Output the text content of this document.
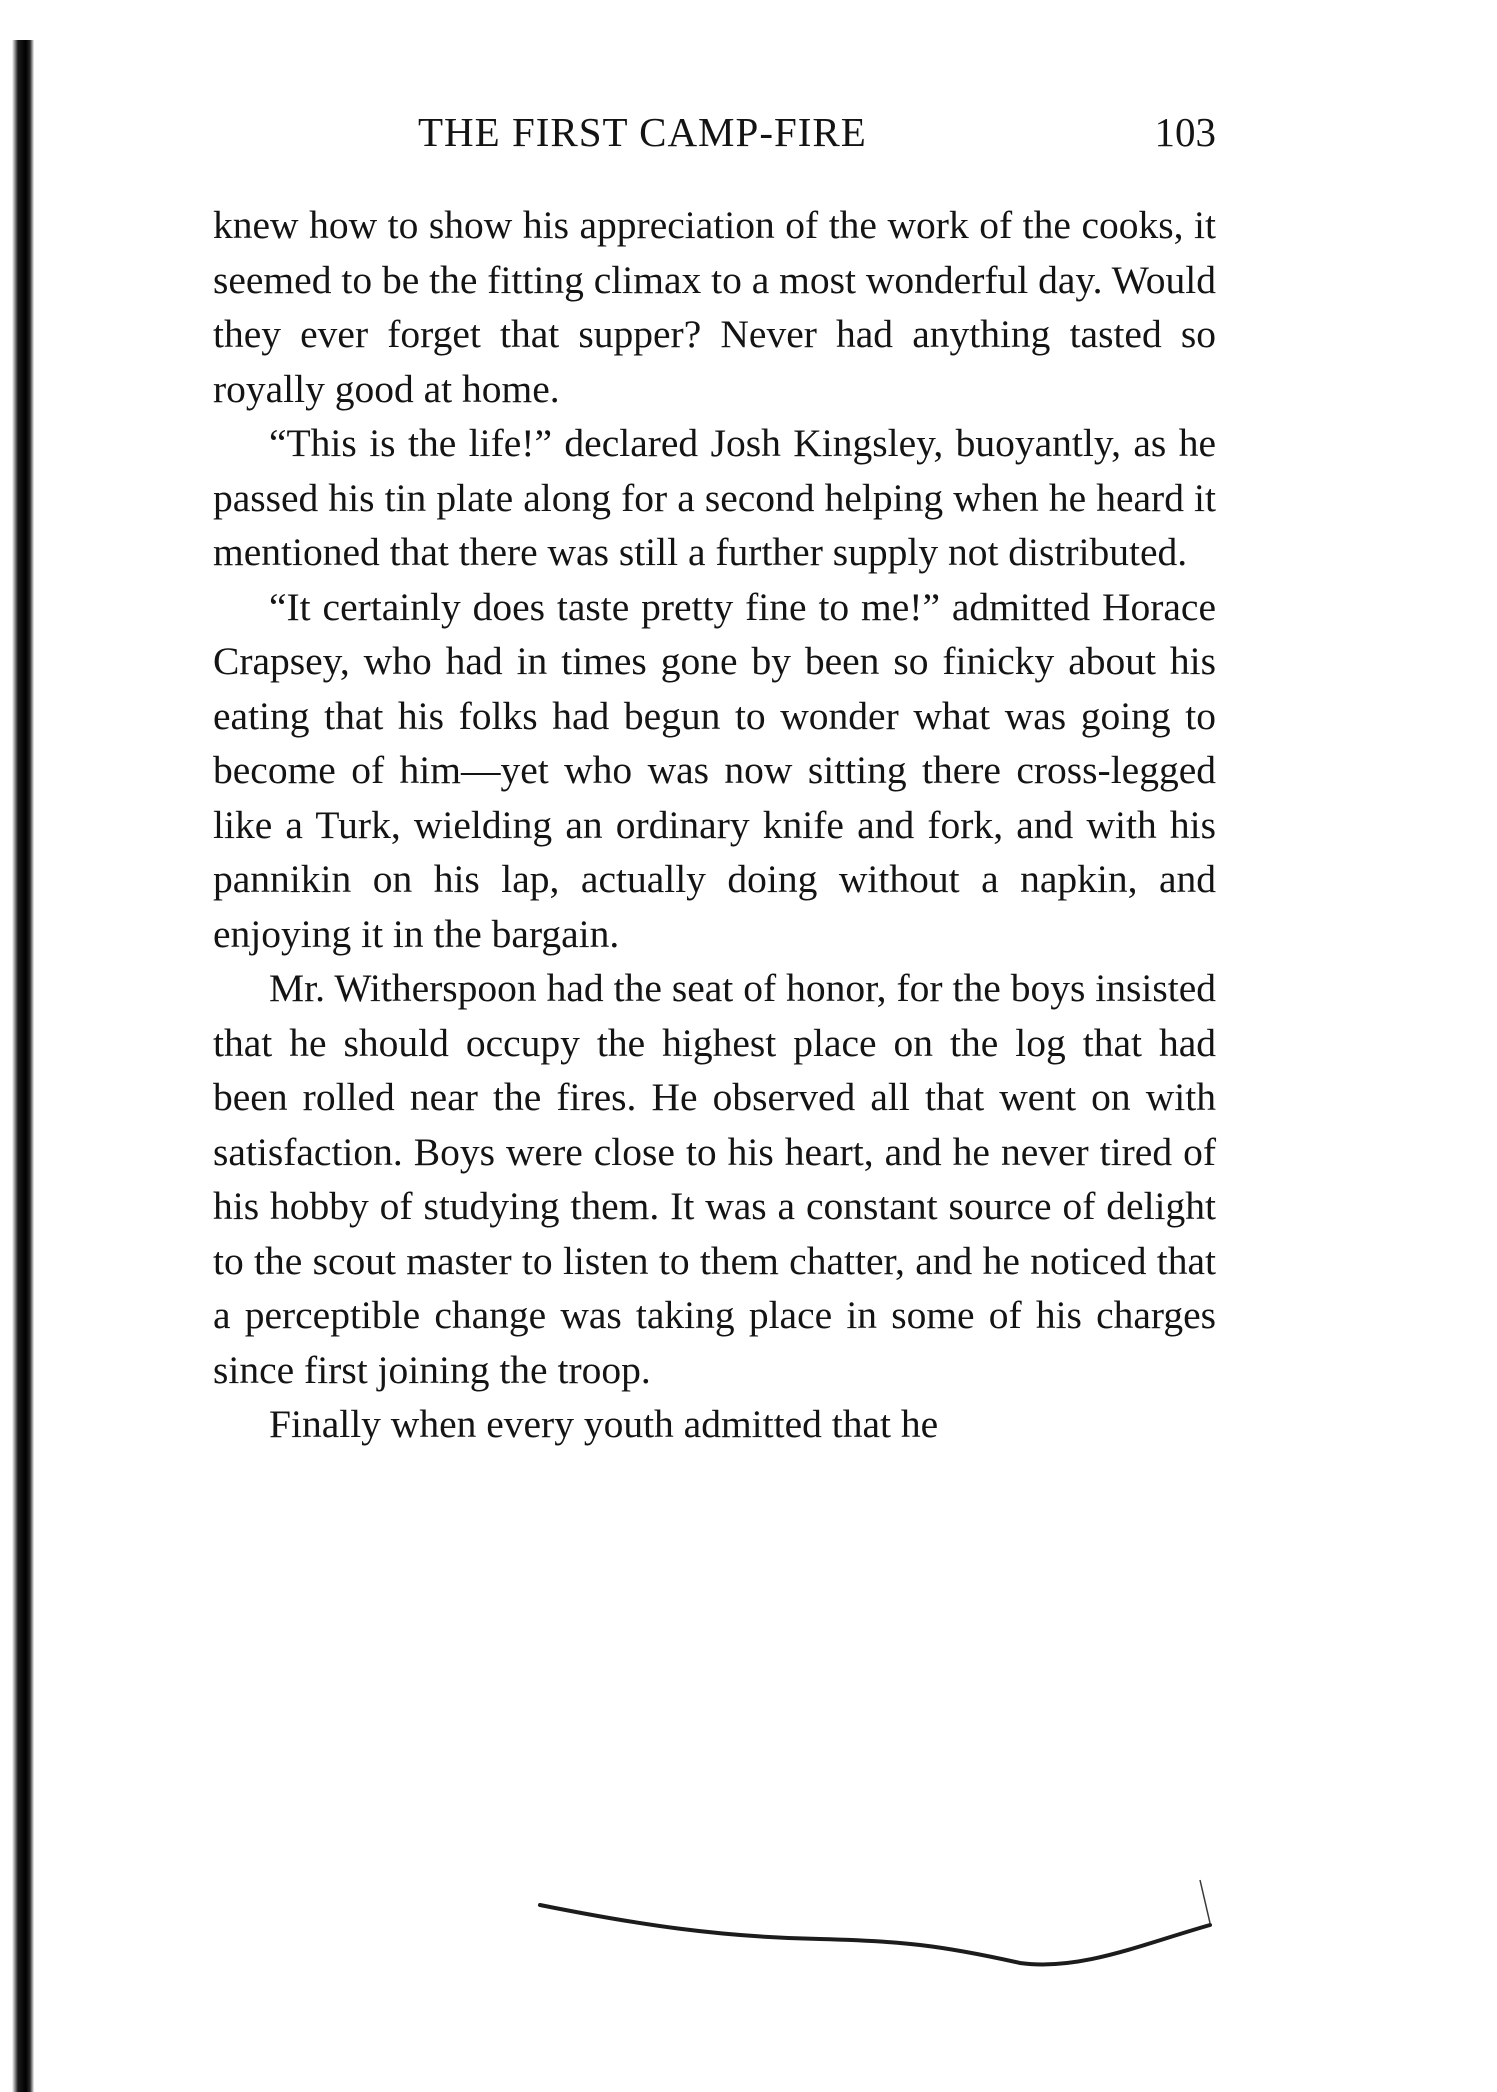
THE FIRST CAMP-FIRE	103

knew how to show his appreciation of the work of the cooks, it seemed to be the fitting climax to a most wonderful day. Would they ever forget that supper? Never had anything tasted so royally good at home.

“This is the life!” declared Josh Kingsley, buoyantly, as he passed his tin plate along for a second helping when he heard it mentioned that there was still a further supply not distributed.

“It certainly does taste pretty fine to me!” admitted Horace Crapsey, who had in times gone by been so finicky about his eating that his folks had begun to wonder what was going to become of him—yet who was now sitting there cross-legged like a Turk, wielding an ordinary knife and fork, and with his pannikin on his lap, actually doing without a napkin, and enjoying it in the bargain.

Mr. Witherspoon had the seat of honor, for the boys insisted that he should occupy the highest place on the log that had been rolled near the fires. He observed all that went on with satisfaction. Boys were close to his heart, and he never tired of his hobby of studying them. It was a constant source of delight to the scout master to listen to them chatter, and he noticed that a perceptible change was taking place in some of his charges since first joining the troop.

Finally when every youth admitted that he
